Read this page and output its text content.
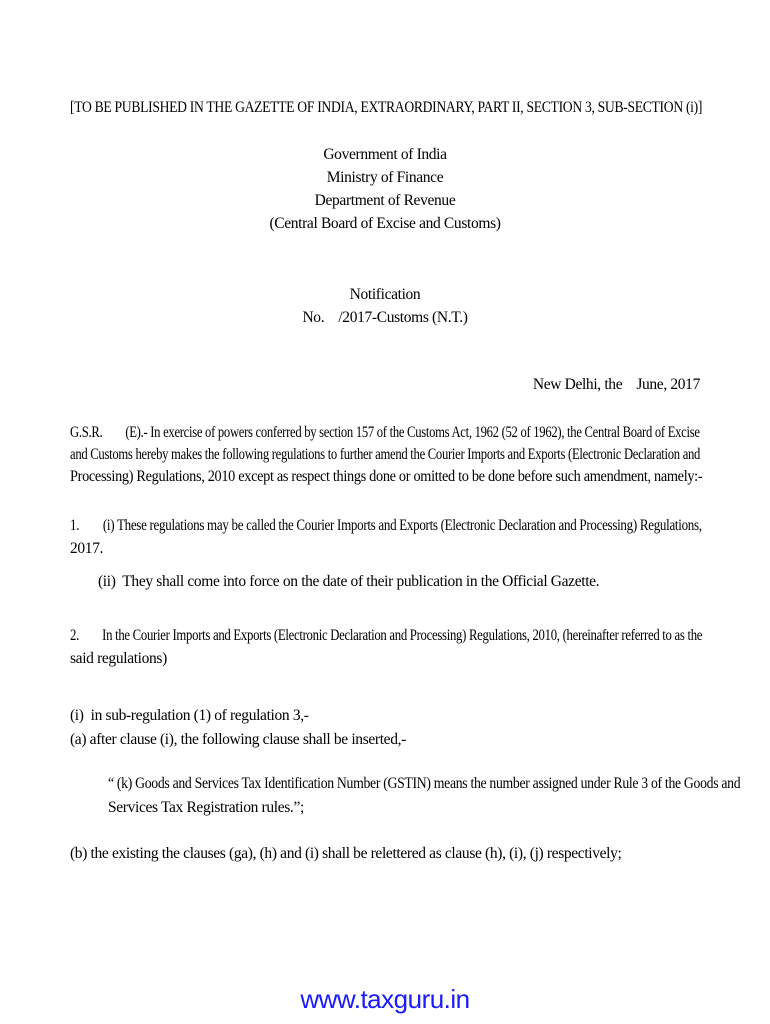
[TO BE PUBLISHED IN THE GAZETTE OF INDIA, EXTRAORDINARY, PART II, SECTION 3, SUB-SECTION (i)]
Government of India
Ministry of Finance
Department of Revenue
(Central Board of Excise and Customs)
Notification
No.    /2017-Customs (N.T.)
New Delhi, the    June, 2017
G.S.R.        (E).- In exercise of powers conferred by section 157 of the Customs Act, 1962 (52 of 1962), the Central Board of Excise
and Customs hereby makes the following regulations to further amend the Courier Imports and Exports (Electronic Declaration and
Processing) Regulations, 2010 except as respect things done or omitted to be done before such amendment, namely:-
1.        (i) These regulations may be called the Courier Imports and Exports (Electronic Declaration and Processing) Regulations,
2017.
(ii)  They shall come into force on the date of their publication in the Official Gazette.
2.        In the Courier Imports and Exports (Electronic Declaration and Processing) Regulations, 2010, (hereinafter referred to as the
said regulations)
(i)  in sub-regulation (1) of regulation 3,-
(a) after clause (i), the following clause shall be inserted,-
“ (k) Goods and Services Tax Identification Number (GSTIN) means the number assigned under Rule 3 of the Goods and
Services Tax Registration rules.”;
(b) the existing the clauses (ga), (h) and (i) shall be relettered as clause (h), (i), (j) respectively;
www.taxguru.in
